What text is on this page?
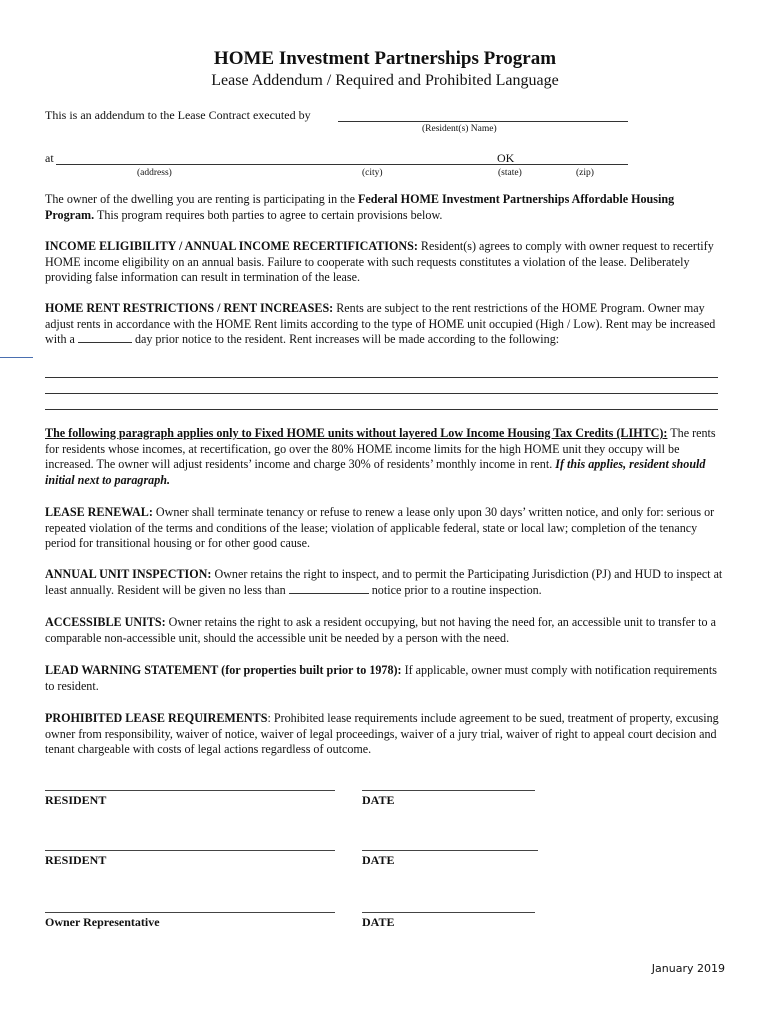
HOME Investment Partnerships Program
Lease Addendum / Required and Prohibited Language
This is an addendum to the Lease Contract executed by
(Resident(s) Name)
at	OK
(address)	(city)	(state)	(zip)
The owner of the dwelling you are renting is participating in the Federal HOME Investment Partnerships Affordable Housing Program. This program requires both parties to agree to certain provisions below.
INCOME ELIGIBILITY / ANNUAL INCOME RECERTIFICATIONS: Resident(s) agrees to comply with owner request to recertify HOME income eligibility on an annual basis. Failure to cooperate with such requests constitutes a violation of the lease. Deliberately providing false information can result in termination of the lease.
HOME RENT RESTRICTIONS / RENT INCREASES: Rents are subject to the rent restrictions of the HOME Program. Owner may adjust rents in accordance with the HOME Rent limits according to the type of HOME unit occupied (High / Low). Rent may be increased with a	day prior notice to the resident. Rent increases will be made according to the following:
The following paragraph applies only to Fixed HOME units without layered Low Income Housing Tax Credits (LIHTC): The rents for residents whose incomes, at recertification, go over the 80% HOME income limits for the high HOME unit they occupy will be increased. The owner will adjust residents’ income and charge 30% of residents’ monthly income in rent. If this applies, resident should initial next to paragraph.
LEASE RENEWAL: Owner shall terminate tenancy or refuse to renew a lease only upon 30 days’ written notice, and only for: serious or repeated violation of the terms and conditions of the lease; violation of applicable federal, state or local law; completion of the tenancy period for transitional housing or for other good cause.
ANNUAL UNIT INSPECTION: Owner retains the right to inspect, and to permit the Participating Jurisdiction (PJ) and HUD to inspect at least annually. Resident will be given no less than	notice prior to a routine inspection.
ACCESSIBLE UNITS: Owner retains the right to ask a resident occupying, but not having the need for, an accessible unit to transfer to a comparable non-accessible unit, should the accessible unit be needed by a person with the need.
LEAD WARNING STATEMENT (for properties built prior to 1978): If applicable, owner must comply with notification requirements to resident.
PROHIBITED LEASE REQUIREMENTS: Prohibited lease requirements include agreement to be sued, treatment of property, excusing owner from responsibility, waiver of notice, waiver of legal proceedings, waiver of a jury trial, waiver of right to appeal court decision and tenant chargeable with costs of legal actions regardless of outcome.
RESIDENT	DATE
RESIDENT	DATE
Owner Representative	DATE
January 2019
